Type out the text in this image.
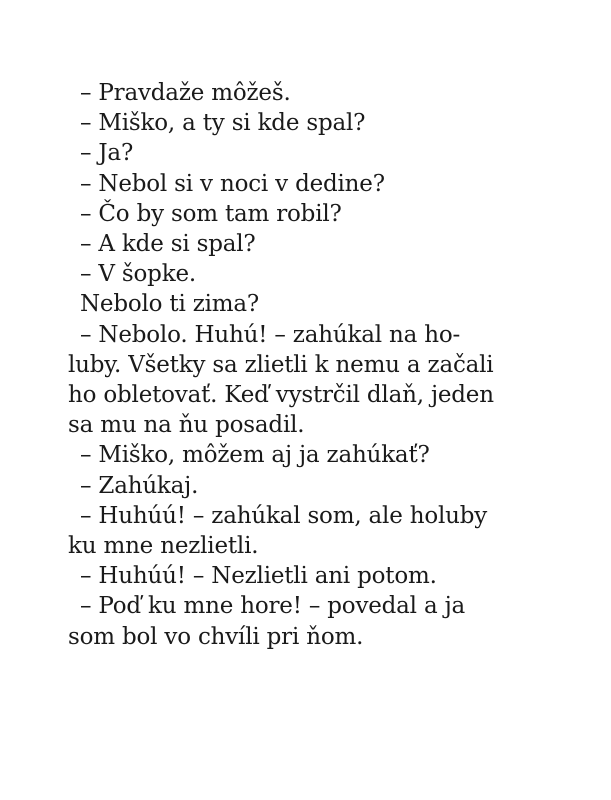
– Pravdaže môžeš.
– Miško, a ty si kde spal?
– Ja?
– Nebol si v noci v dedine?
– Čo by som tam robil?
– A kde si spal?
– V šopke.
Nebolo ti zima?
– Nebolo. Huhú! – zahúkal na ho-
luby. Všetky sa zlietli k nemu a začali
ho obletovať. Keď vystrčil dlaň, jeden
sa mu na ňu posadil.
– Miško, môžem aj ja zahúkať?
– Zahúkaj.
– Huhúú! – zahúkal som, ale holuby
ku mne nezlietli.
– Huhúú! – Nezlietli ani potom.
– Poď ku mne hore! – povedal a ja
som bol vo chvíli pri ňom.
